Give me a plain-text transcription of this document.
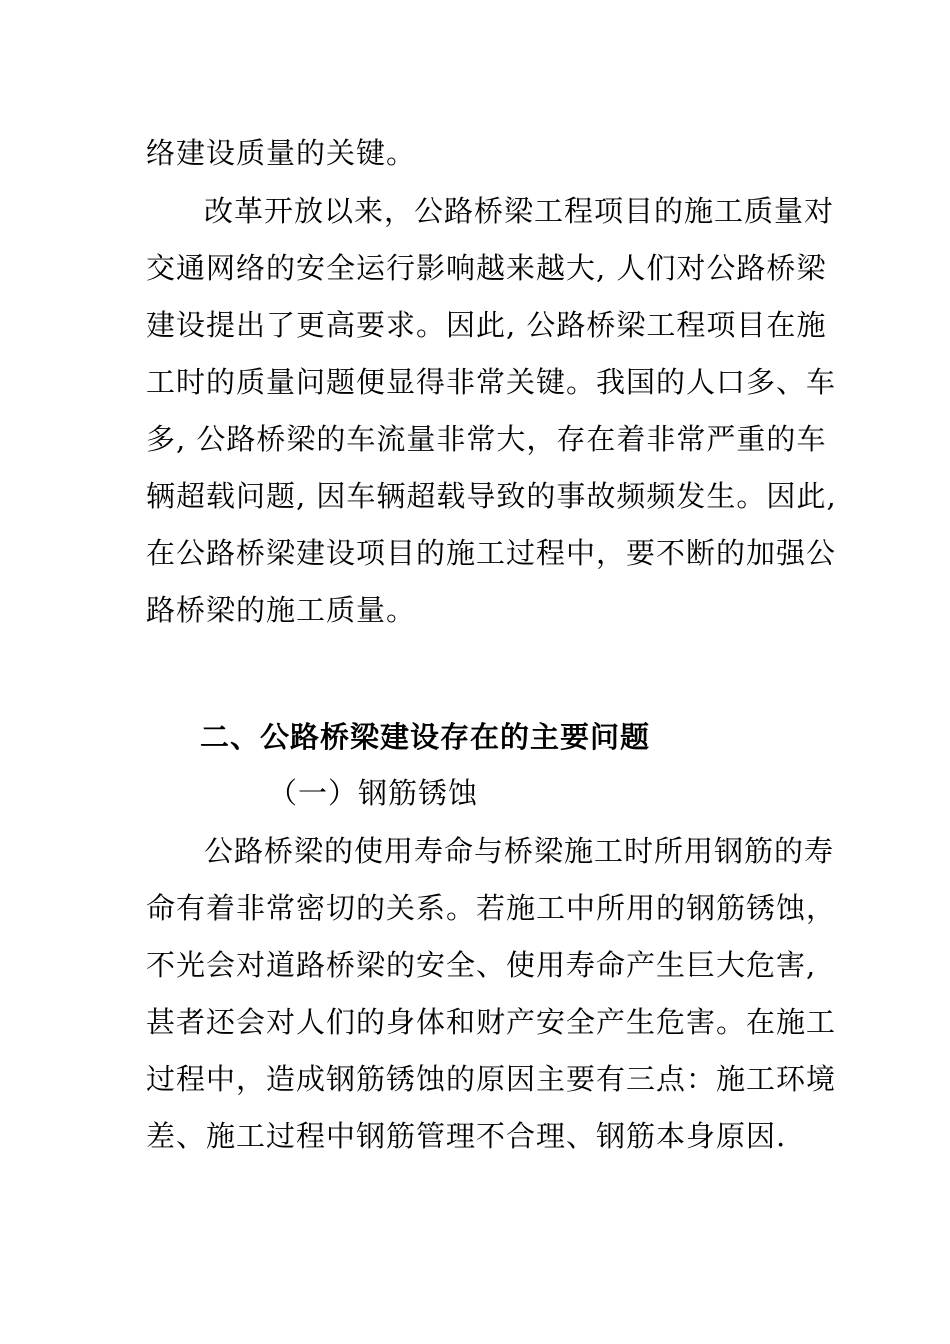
络建设质量的关键。
改革开放以来，公路桥梁工程项目的施工质量对
交通网络的安全运行影响越来越大, 人们对公路桥梁
建设提出了更高要求。因此, 公路桥梁工程项目在施
工时的质量问题便显得非常关键。我国的人口多、车
多, 公路桥梁的车流量非常大，存在着非常严重的车
辆超载问题, 因车辆超载导致的事故频频发生。因此,
在公路桥梁建设项目的施工过程中，要不断的加强公
路桥梁的施工质量。
二、公路桥梁建设存在的主要问题
（一）钢筋锈蚀
公路桥梁的使用寿命与桥梁施工时所用钢筋的寿
命有着非常密切的关系。若施工中所用的钢筋锈蚀，
不光会对道路桥梁的安全、使用寿命产生巨大危害,
甚者还会对人们的身体和财产安全产生危害。在施工
过程中，造成钢筋锈蚀的原因主要有三点：施工环境
差、施工过程中钢筋管理不合理、钢筋本身原因.
